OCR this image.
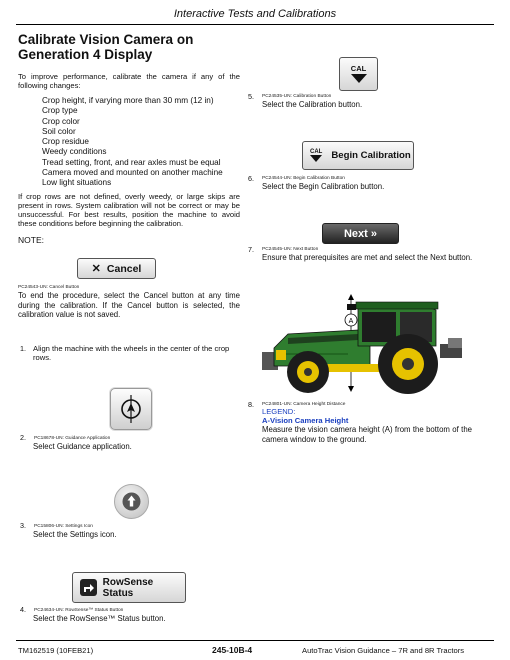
Interactive Tests and Calibrations
Calibrate Vision Camera on Generation 4 Display
To improve performance, calibrate the camera if any of the following changes:
Crop height, if varying more than 30 mm (12 in)
Crop type
Crop color
Soil color
Crop residue
Weedy conditions
Tread setting, front, and rear axles must be equal
Camera moved and mounted on another machine
Low light situations
If crop rows are not defined, overly weedy, or large skips are present in rows. System calibration will not be correct or may be unsuccessful. For best results, position the machine to avoid these conditions before beginning the calibration.
NOTE:
✕ Cancel
PC24543-UN: Cancel Button
To end the procedure, select the Cancel button at any time during the calibration. If the Cancel button is selected, the calibration value is not saved.
1. Align the machine with the wheels in the center of the crop rows.
2. PC18678-UN: Guidance Application
Select Guidance application.
3. PC15806-UN: Settings Icon
Select the Settings icon.
RowSense Status
4. PC24634-UN: RowSense™ Status Button
Select the RowSense™ Status button.
CAL
5. PC24535-UN: Calibration Button
Select the Calibration button.
CAL Begin Calibration
6. PC24544-UN: Begin Calibration Button
Select the Begin Calibration button.
Next »
7. PC24545-UN: Next Button
Ensure that prerequisites are met and select the Next button.
A
8. PC24801-UN: Camera Height Distance
LEGEND:
A-Vision Camera Height
Measure the vision camera height (A) from the bottom of the camera window to the ground.
TM162519 (10FEB21)	245-10B-4	AutoTrac Vision Guidance – 7R and 8R Tractors
